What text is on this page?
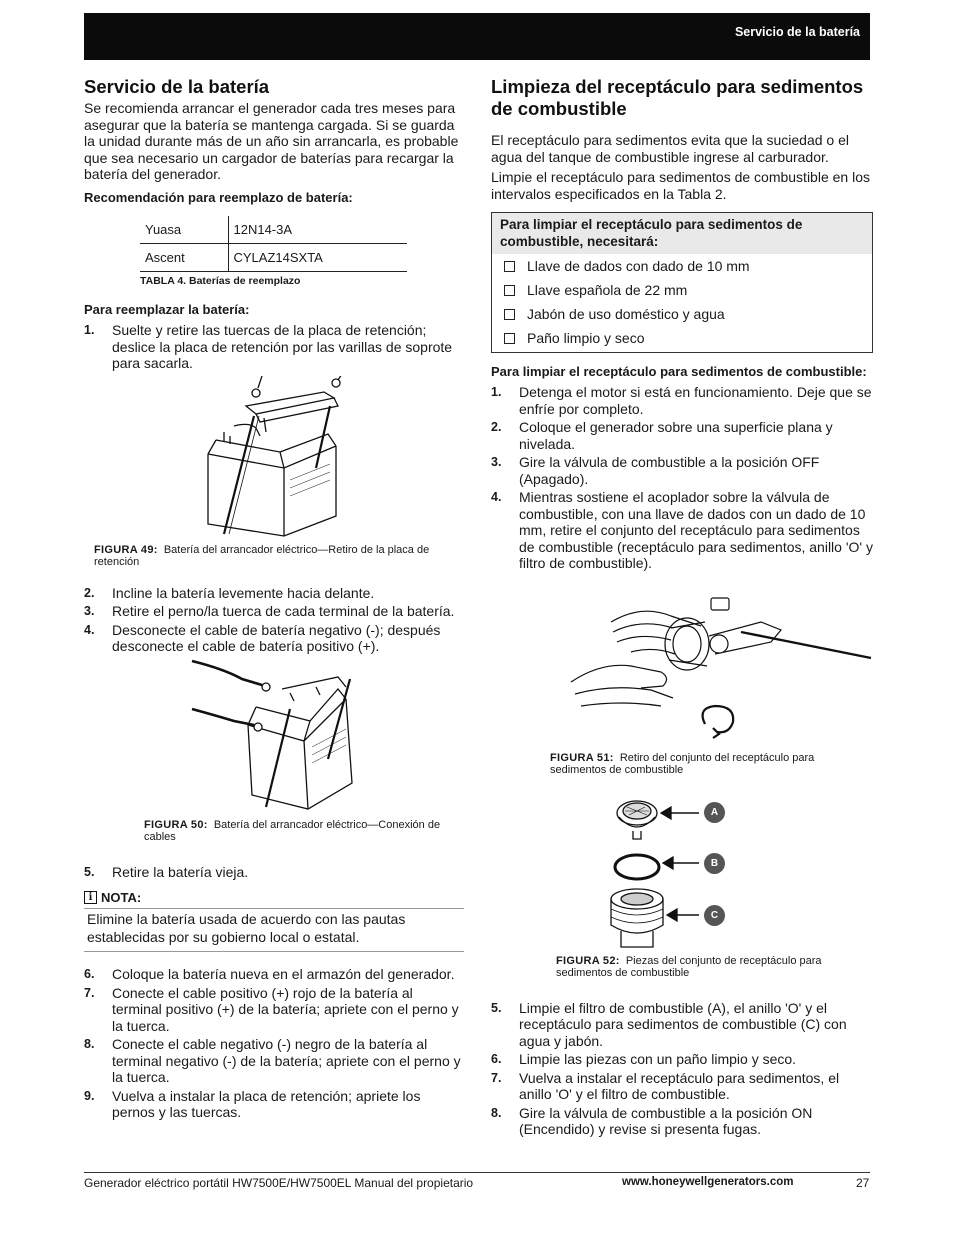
Servicio de la batería
Servicio de la batería

Se recomienda arrancar el generador cada tres meses para asegurar que la batería se mantenga cargada. Si se guarda la unidad durante más de un año sin arrancarla, es probable que sea necesario un cargador de baterías para recargar la batería del generador.

Recomendación para reemplazo de batería:
Yuasa	12N14-3A
Ascent	CYLAZ14SXTA
TABLA 4. Baterías de reemplazo
Para reemplazar la batería:
1. Suelte y retire las tuercas de la placa de retención; deslice la placa de retención por las varillas de soprote para sacarla.
FIGURA 49: Batería del arrancador eléctrico—Retiro de la placa de retención
2. Incline la batería levemente hacia delante.
3. Retire el perno/la tuerca de cada terminal de la batería.
4. Desconecte el cable de batería negativo (-); después desconecte el cable de batería positivo (+).
FIGURA 50: Batería del arrancador eléctrico—Conexión de cables
5. Retire la batería vieja.
i NOTA:
Elimine la batería usada de acuerdo con las pautas establecidas por su gobierno local o estatal.
6. Coloque la batería nueva en el armazón del generador.
7. Conecte el cable positivo (+) rojo de la batería al terminal positivo (+) de la batería; apriete con el perno y la tuerca.
8. Conecte el cable negativo (-) negro de la batería al terminal negativo (-) de la batería; apriete con el perno y la tuerca.
9. Vuelva a instalar la placa de retención; apriete los pernos y las tuercas.
Limpieza del receptáculo para sedimentos de combustible

El receptáculo para sedimentos evita que la suciedad o el agua del tanque de combustible ingrese al carburador.

Limpie el receptáculo para sedimentos de combustible en los intervalos especificados en la Tabla 2.

Para limpiar el receptáculo para sedimentos de combustible, necesitará:
Llave de dados con dado de 10 mm
Llave española de 22 mm
Jabón de uso doméstico y agua
Paño limpio y seco
Para limpiar el receptáculo para sedimentos de combustible:
1. Detenga el motor si está en funcionamiento. Deje que se enfríe por completo.
2. Coloque el generador sobre una superficie plana y nivelada.
3. Gire la válvula de combustible a la posición OFF (Apagado).
4. Mientras sostiene el acoplador sobre la válvula de combustible, con una llave de dados con un dado de 10 mm, retire el conjunto del receptáculo para sedimentos de combustible (receptáculo para sedimentos, anillo 'O' y filtro de combustible).
FIGURA 51: Retiro del conjunto del receptáculo para sedimentos de combustible
A
B
C
FIGURA 52: Piezas del conjunto de receptáculo para sedimentos de combustible
5. Limpie el filtro de combustible (A), el anillo 'O' y el receptáculo para sedimentos de combustible (C) con agua y jabón.
6. Limpie las piezas con un paño limpio y seco.
7. Vuelva a instalar el receptáculo para sedimentos, el anillo 'O' y el filtro de combustible.
8. Gire la válvula de combustible a la posición ON (Encendido) y revise si presenta fugas.
Generador eléctrico portátil HW7500E/HW7500EL Manual del propietario	www.honeywellgenerators.com	27
